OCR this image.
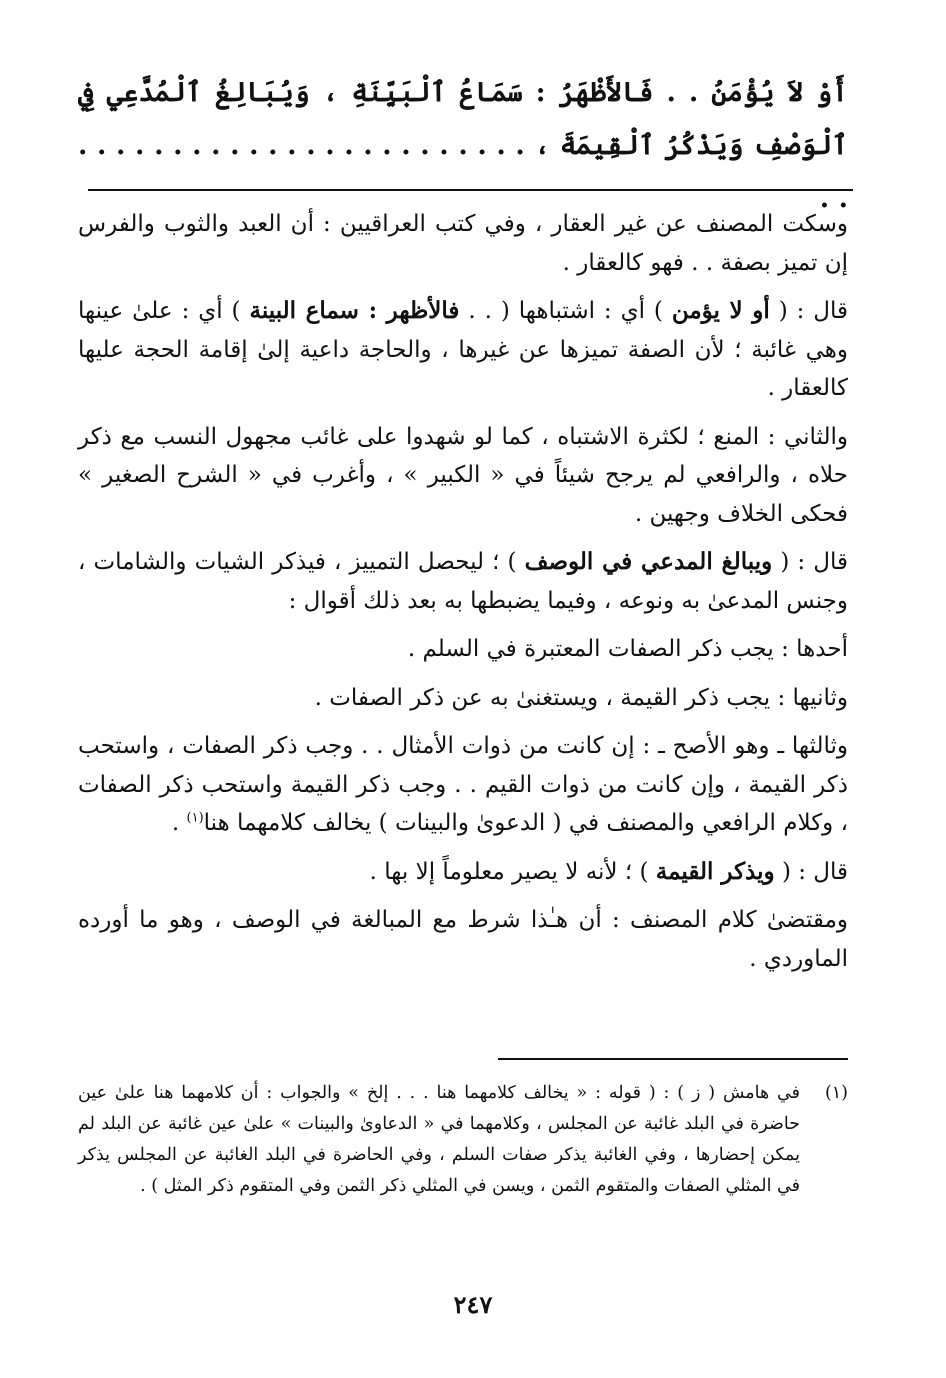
أَوْ لاَ يُؤْمَنُ . . فَالأَظْهَرُ : سَمَاعُ ٱلْبَيِّنَةِ ، وَيُبَالِغُ ٱلْمُدَّعِي فِي ٱلْوَصْفِ وَيَذْكُرُ ٱلْقِيمَةَ ، . . . . . . . . . . . . . . . . . . . . . . . . . .

وسكت المصنف عن غير العقار ، وفي كتب العراقيين : أن العبد والثوب والفرس إن تميز بصفة . . فهو كالعقار .

قال : ( أو لا يؤمن ) أي : اشتباهها ( . . فالأظهر : سماع البينة ) أي : علىٰ عينها وهي غائبة ؛ لأن الصفة تميزها عن غيرها ، والحاجة داعية إلىٰ إقامة الحجة عليها كالعقار .

والثاني : المنع ؛ لكثرة الاشتباه ، كما لو شهدوا على غائب مجهول النسب مع ذكر حلاه ، والرافعي لم يرجح شيئاً في « الكبير » ، وأغرب في « الشرح الصغير » فحكى الخلاف وجهين .

قال : ( ويبالغ المدعي في الوصف ) ؛ ليحصل التمييز ، فيذكر الشيات والشامات ، وجنس المدعىٰ به ونوعه ، وفيما يضبطها به بعد ذلك أقوال :

أحدها : يجب ذكر الصفات المعتبرة في السلم .

وثانيها : يجب ذكر القيمة ، ويستغنىٰ به عن ذكر الصفات .

وثالثها ـ وهو الأصح ـ : إن كانت من ذوات الأمثال . . وجب ذكر الصفات ، واستحب ذكر القيمة ، وإن كانت من ذوات القيم . . وجب ذكر القيمة واستحب ذكر الصفات ، وكلام الرافعي والمصنف في ( الدعوىٰ والبينات ) يخالف كلامهما هنا$^{(١)}$ .

قال : ( ويذكر القيمة ) ؛ لأنه لا يصير معلوماً إلا بها .

ومقتضىٰ كلام المصنف : أن هـٰذا شرط مع المبالغة في الوصف ، وهو ما أورده الماوردي .

(١)
في هامش ( ز ) : ( قوله : « يخالف كلامهما هنا . . . إلخ » والجواب : أن كلامهما هنا علىٰ عين حاضرة في البلد غائبة عن المجلس ، وكلامهما في « الدعاوىٰ والبينات » علىٰ عين غائبة عن البلد لم يمكن إحضارها ، وفي الغائبة يذكر صفات السلم ، وفي الحاضرة في البلد الغائبة عن المجلس يذكر في المثلي الصفات والمتقوم الثمن ، ويسن في المثلي ذكر الثمن وفي المتقوم ذكر المثل ) .
٢٤٧
